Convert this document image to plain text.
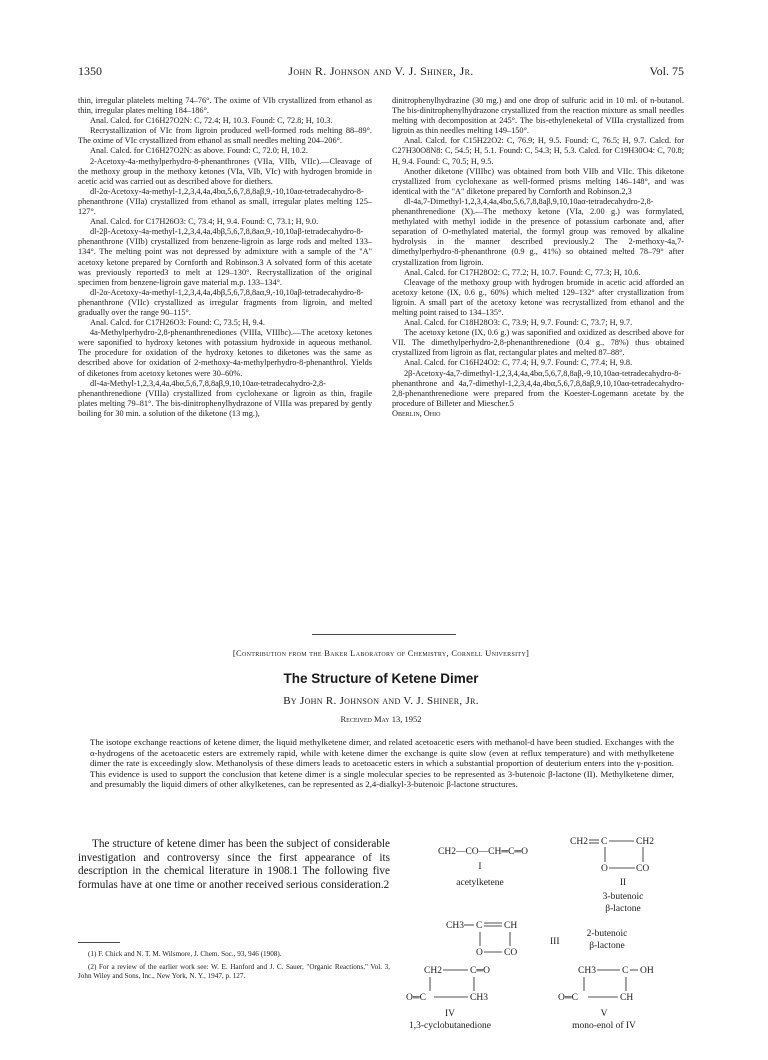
1350	John R. Johnson and V. J. Shiner, Jr.	Vol. 75

thin, irregular platelets melting 74–76°. The oxime of VIb crystallized from ethanol as thin, irregular plates melting 184–186°.

Anal. Calcd. for C16H27O2N: C, 72.4; H, 10.3. Found: C, 72.8; H, 10.3.

Recrystallization of VIc from ligroin produced well-formed rods melting 88–89°. The oxime of VIc crystallized from ethanol as small needles melting 204–206°.

Anal. Calcd. for C16H27O2N: as above. Found: C, 72.0; H, 10.2.

2-Acetoxy-4a-methylperhydro-8-phenanthrones (VIIa, VIIb, VIIc).—Cleavage of the methoxy group in the methoxy ketones (VIa, VIb, VIc) with hydrogen bromide in acetic acid was carried out as described above for diethers.

dl-2α-Acetoxy-4a-methyl-1,2,3,4,4a,4bα,5,6,7,8,8aβ,9,-10,10aα-tetradecahydro-8-phenanthrone (VIIa) crystallized from ethanol as small, irregular plates melting 125–127°.

Anal. Calcd. for C17H26O3: C, 73.4; H, 9.4. Found: C, 73.1; H, 9.0.

dl-2β-Acetoxy-4a-methyl-1,2,3,4,4a,4bβ,5,6,7,8,8aα,9,-10,10aβ-tetradecahydro-8-phenanthrone (VIIb) crystallized from benzene-ligroin as large rods and melted 133–134°. The melting point was not depressed by admixture with a sample of the "A" acetoxy ketone prepared by Cornforth and Robinson.3 A solvated form of this acetate was previously reported3 to melt at 129–130°. Recrystallization of the original specimen from benzene-ligroin gave material m.p. 133–134°.

dl-2α-Acetoxy-4a-methyl-1,2,3,4,4a,4bβ,5,6,7,8,8aα,9,-10,10aβ-tetradecahydro-8-phenanthrone (VIIc) crystallized as irregular fragments from ligroin, and melted gradually over the range 90–115°.

Anal. Calcd. for C17H26O3: Found: C, 73.5; H, 9.4.

4a-Methylperhydro-2,8-phenanthrenediones (VIIIa, VIIIbc).—The acetoxy ketones were saponified to hydroxy ketones with potassium hydroxide in aqueous methanol. The procedure for oxidation of the hydroxy ketones to diketones was the same as described above for oxidation of 2-methoxy-4a-methylperhydro-8-phenanthrol. Yields of diketones from acetoxy ketones were 30–60%.

dl-4a-Methyl-1,2,3,4,4a,4bα,5,6,7,8,8aβ,9,10,10aα-tetradecahydro-2,8-phenanthrenedione (VIIIa) crystallized from cyclohexane or ligroin as thin, fragile plates melting 79–81°. The bis-dinitrophenylhydrazone of VIIIa was prepared by gently boiling for 30 min. a solution of the diketone (13 mg.),

dinitrophenylhydrazine (30 mg.) and one drop of sulfuric acid in 10 ml. of n-butanol. The bis-dinitrophenylhydrazone crystallized from the reaction mixture as small needles melting with decomposition at 245°. The bis-ethyleneketal of VIIIa crystallized from ligroin as thin needles melting 149–150°.

Anal. Calcd. for C15H22O2: C, 76.9; H, 9.5. Found: C, 76.5; H, 9.7. Calcd. for C27H30O8N8: C, 54.5; H, 5.1. Found: C, 54.3; H, 5.3. Calcd. for C19H30O4: C, 70.8; H, 9.4. Found: C, 70.5; H, 9.5.

Another diketone (VIIIbc) was obtained from both VIIb and VIIc. This diketone crystallized from cyclohexane as well-formed prisms melting 146–148°, and was identical with the "A" diketone prepared by Cornforth and Robinson.2,3

dl-4a,7-Dimethyl-1,2,3,4,4a,4bα,5,6,7,8,8aβ,9,10,10aα-tetradecahydro-2,8-phenanthrenedione (X).—The methoxy ketone (VIa, 2.00 g.) was formylated, methylated with methyl iodide in the presence of potassium carbonate and, after separation of O-methylated material, the formyl group was removed by alkaline hydrolysis in the manner described previously.2 The 2-methoxy-4a,7-dimethylperhydro-8-phenanthrone (0.9 g., 41%) so obtained melted 78–79° after crystallization from ligroin.

Anal. Calcd. for C17H28O2: C, 77.2; H, 10.7. Found: C, 77.3; H, 10.6.

Cleavage of the methoxy group with hydrogen bromide in acetic acid afforded an acetoxy ketone (IX, 0.6 g., 60%) which melted 129–132° after crystallization from ligroin. A small part of the acetoxy ketone was recrystallized from ethanol and the melting point raised to 134–135°.

Anal. Calcd. for C18H28O3: C, 73.9; H, 9.7. Found: C, 73.7; H, 9.7.

The acetoxy ketone (IX, 0.6 g.) was saponified and oxidized as described above for VII. The dimethylperhydro-2,8-phenanthrenedione (0.4 g., 78%) thus obtained crystallized from ligroin as flat, rectangular plates and melted 87–88°.

Anal. Calcd. for C16H24O2: C, 77.4; H, 9.7. Found: C, 77.4; H, 9.8.

2β-Acetoxy-4a,7-dimethyl-1,2,3,4,4a,4bα,5,6,7,8,8aβ,-9,10,10aα-tetradecahydro-8-phenanthrone and 4a,7-dimethyl-1,2,3,4,4a,4bα,5,6,7,8,8aβ,9,10,10aα-tetradecahydro-2,8-phenanthrenedione were prepared from the Koester-Logemann acetate by the procedure of Billeter and Miescher.5

Oberlin, Ohio

[Contribution from the Baker Laboratory of Chemistry, Cornell University]
The Structure of Ketene Dimer
By John R. Johnson and V. J. Shiner, Jr.
Received May 13, 1952
The isotope exchange reactions of ketene dimer, the liquid methylketene dimer, and related acetoacetic esers with methanol-d have been studied. Exchanges with the α-hydrogens of the acetoacetic esters are extremely rapid, while with ketene dimer the exchange is quite slow (even at reflux temperature) and with methylketene dimer the rate is exceedingly slow. Methanolysis of these dimers leads to acetoacetic esters in which a substantial proportion of deuterium enters into the γ-position. This evidence is used to support the conclusion that ketene dimer is a single molecular species to be represented as 3-butenoic β-lactone (II). Methylketene dimer, and presumably the liquid dimers of other alkylketenes, can be represented as 2,4-dialkyl-3-butenoic β-lactone structures.
The structure of ketene dimer has been the subject of considerable investigation and controversy since the first appearance of its description in the chemical literature in 1908.1 The following five formulas have at one time or another received serious consideration.2

(1) F. Chick and N. T. M. Wilsmore, J. Chem. Soc., 93, 946 (1908).

(2) For a review of the earlier work see: W. E. Hanford and J. C. Sauer, "Organic Reactions," Vol. 3, John Wiley and Sons, Inc., New York, N. Y., 1947, p. 127.

CH2—CO—CH═C═O
I
acetylketene
CH2 C	CH2
O	CO
II
3-butenoic
β-lactone
CH3 C CH
O CO
III
2-butenoic
β-lactone
CH2	C═O
O═C	CH3
IV
1,3-cyclobutanedione
CH3	C OH
O═C	CH
V
mono-enol of IV
